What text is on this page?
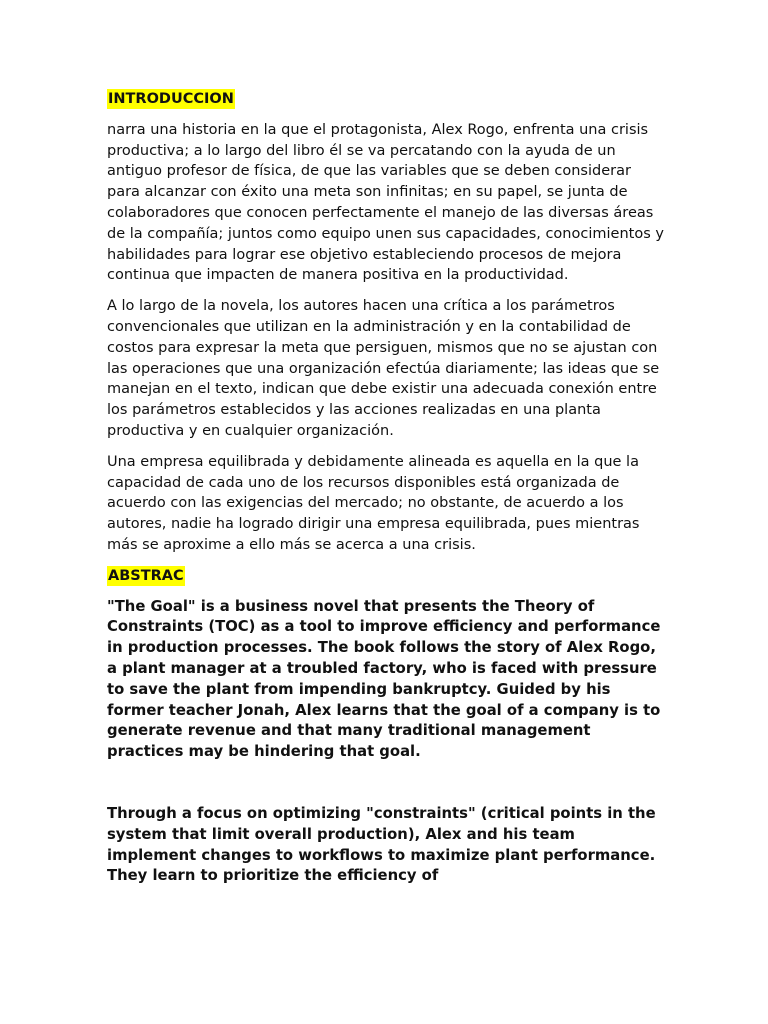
INTRODUCCION

narra una historia en la que el protagonista, Alex Rogo, enfrenta una crisis productiva; a lo largo del libro él se va percatando con la ayuda de un antiguo profesor de física, de que las variables que se deben considerar para alcanzar con éxito una meta son infinitas; en su papel, se junta de colaboradores que conocen perfectamente el manejo de las diversas áreas de la compañía; juntos como equipo unen sus capacidades, conocimientos y habilidades para lograr ese objetivo estableciendo procesos de mejora continua que impacten de manera positiva en la productividad.

A lo largo de la novela, los autores hacen una crítica a los parámetros convencionales que utilizan en la administración y en la contabilidad de costos para expresar la meta que persiguen, mismos que no se ajustan con las operaciones que una organización efectúa diariamente; las ideas que se manejan en el texto, indican que debe existir una adecuada conexión entre los parámetros establecidos y las acciones realizadas en una planta productiva y en cualquier organización.

Una empresa equilibrada y debidamente alineada es aquella en la que la capacidad de cada uno de los recursos disponibles está organizada de acuerdo con las exigencias del mercado; no obstante, de acuerdo a los autores, nadie ha logrado dirigir una empresa equilibrada, pues mientras más se aproxime a ello más se acerca a una crisis.

ABSTRAC

"The Goal" is a business novel that presents the Theory of Constraints (TOC) as a tool to improve efficiency and performance in production processes. The book follows the story of Alex Rogo, a plant manager at a troubled factory, who is faced with pressure to save the plant from impending bankruptcy. Guided by his former teacher Jonah, Alex learns that the goal of a company is to generate revenue and that many traditional management practices may be hindering that goal.

Through a focus on optimizing "constraints" (critical points in the system that limit overall production), Alex and his team implement changes to workflows to maximize plant performance. They learn to prioritize the efficiency of
